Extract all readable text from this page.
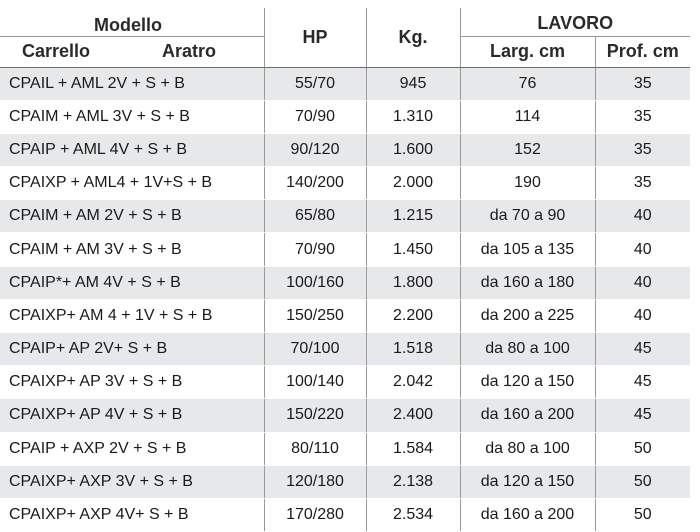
Modello	HP	Kg.	LAVORO	
Carrello Aratro			Larg. cm	Prof. cm
CPAIL + AML 2V + S + B	55/70	945	76	35
CPAIM + AML 3V + S + B	70/90	1.310	114	35
CPAIP + AML 4V + S + B	90/120	1.600	152	35
CPAIXP + AML4 + 1V+S + B	140/200	2.000	190	35
CPAIM + AM 2V + S + B	65/80	1.215	da 70 a 90	40
CPAIM + AM 3V + S + B	70/90	1.450	da 105 a 135	40
CPAIP*+ AM 4V + S + B	100/160	1.800	da 160 a 180	40
CPAIXP+ AM 4 + 1V + S + B	150/250	2.200	da 200 a 225	40
CPAIP+ AP 2V+ S + B	70/100	1.518	da 80 a 100	45
CPAIXP+ AP 3V + S + B	100/140	2.042	da 120 a 150	45
CPAIXP+ AP 4V + S + B	150/220	2.400	da 160 a 200	45
CPAIP + AXP 2V + S + B	80/110	1.584	da 80 a 100	50
CPAIXP+ AXP 3V + S + B	120/180	2.138	da 120 a 150	50
CPAIXP+ AXP 4V+ S + B	170/280	2.534	da 160 a 200	50
